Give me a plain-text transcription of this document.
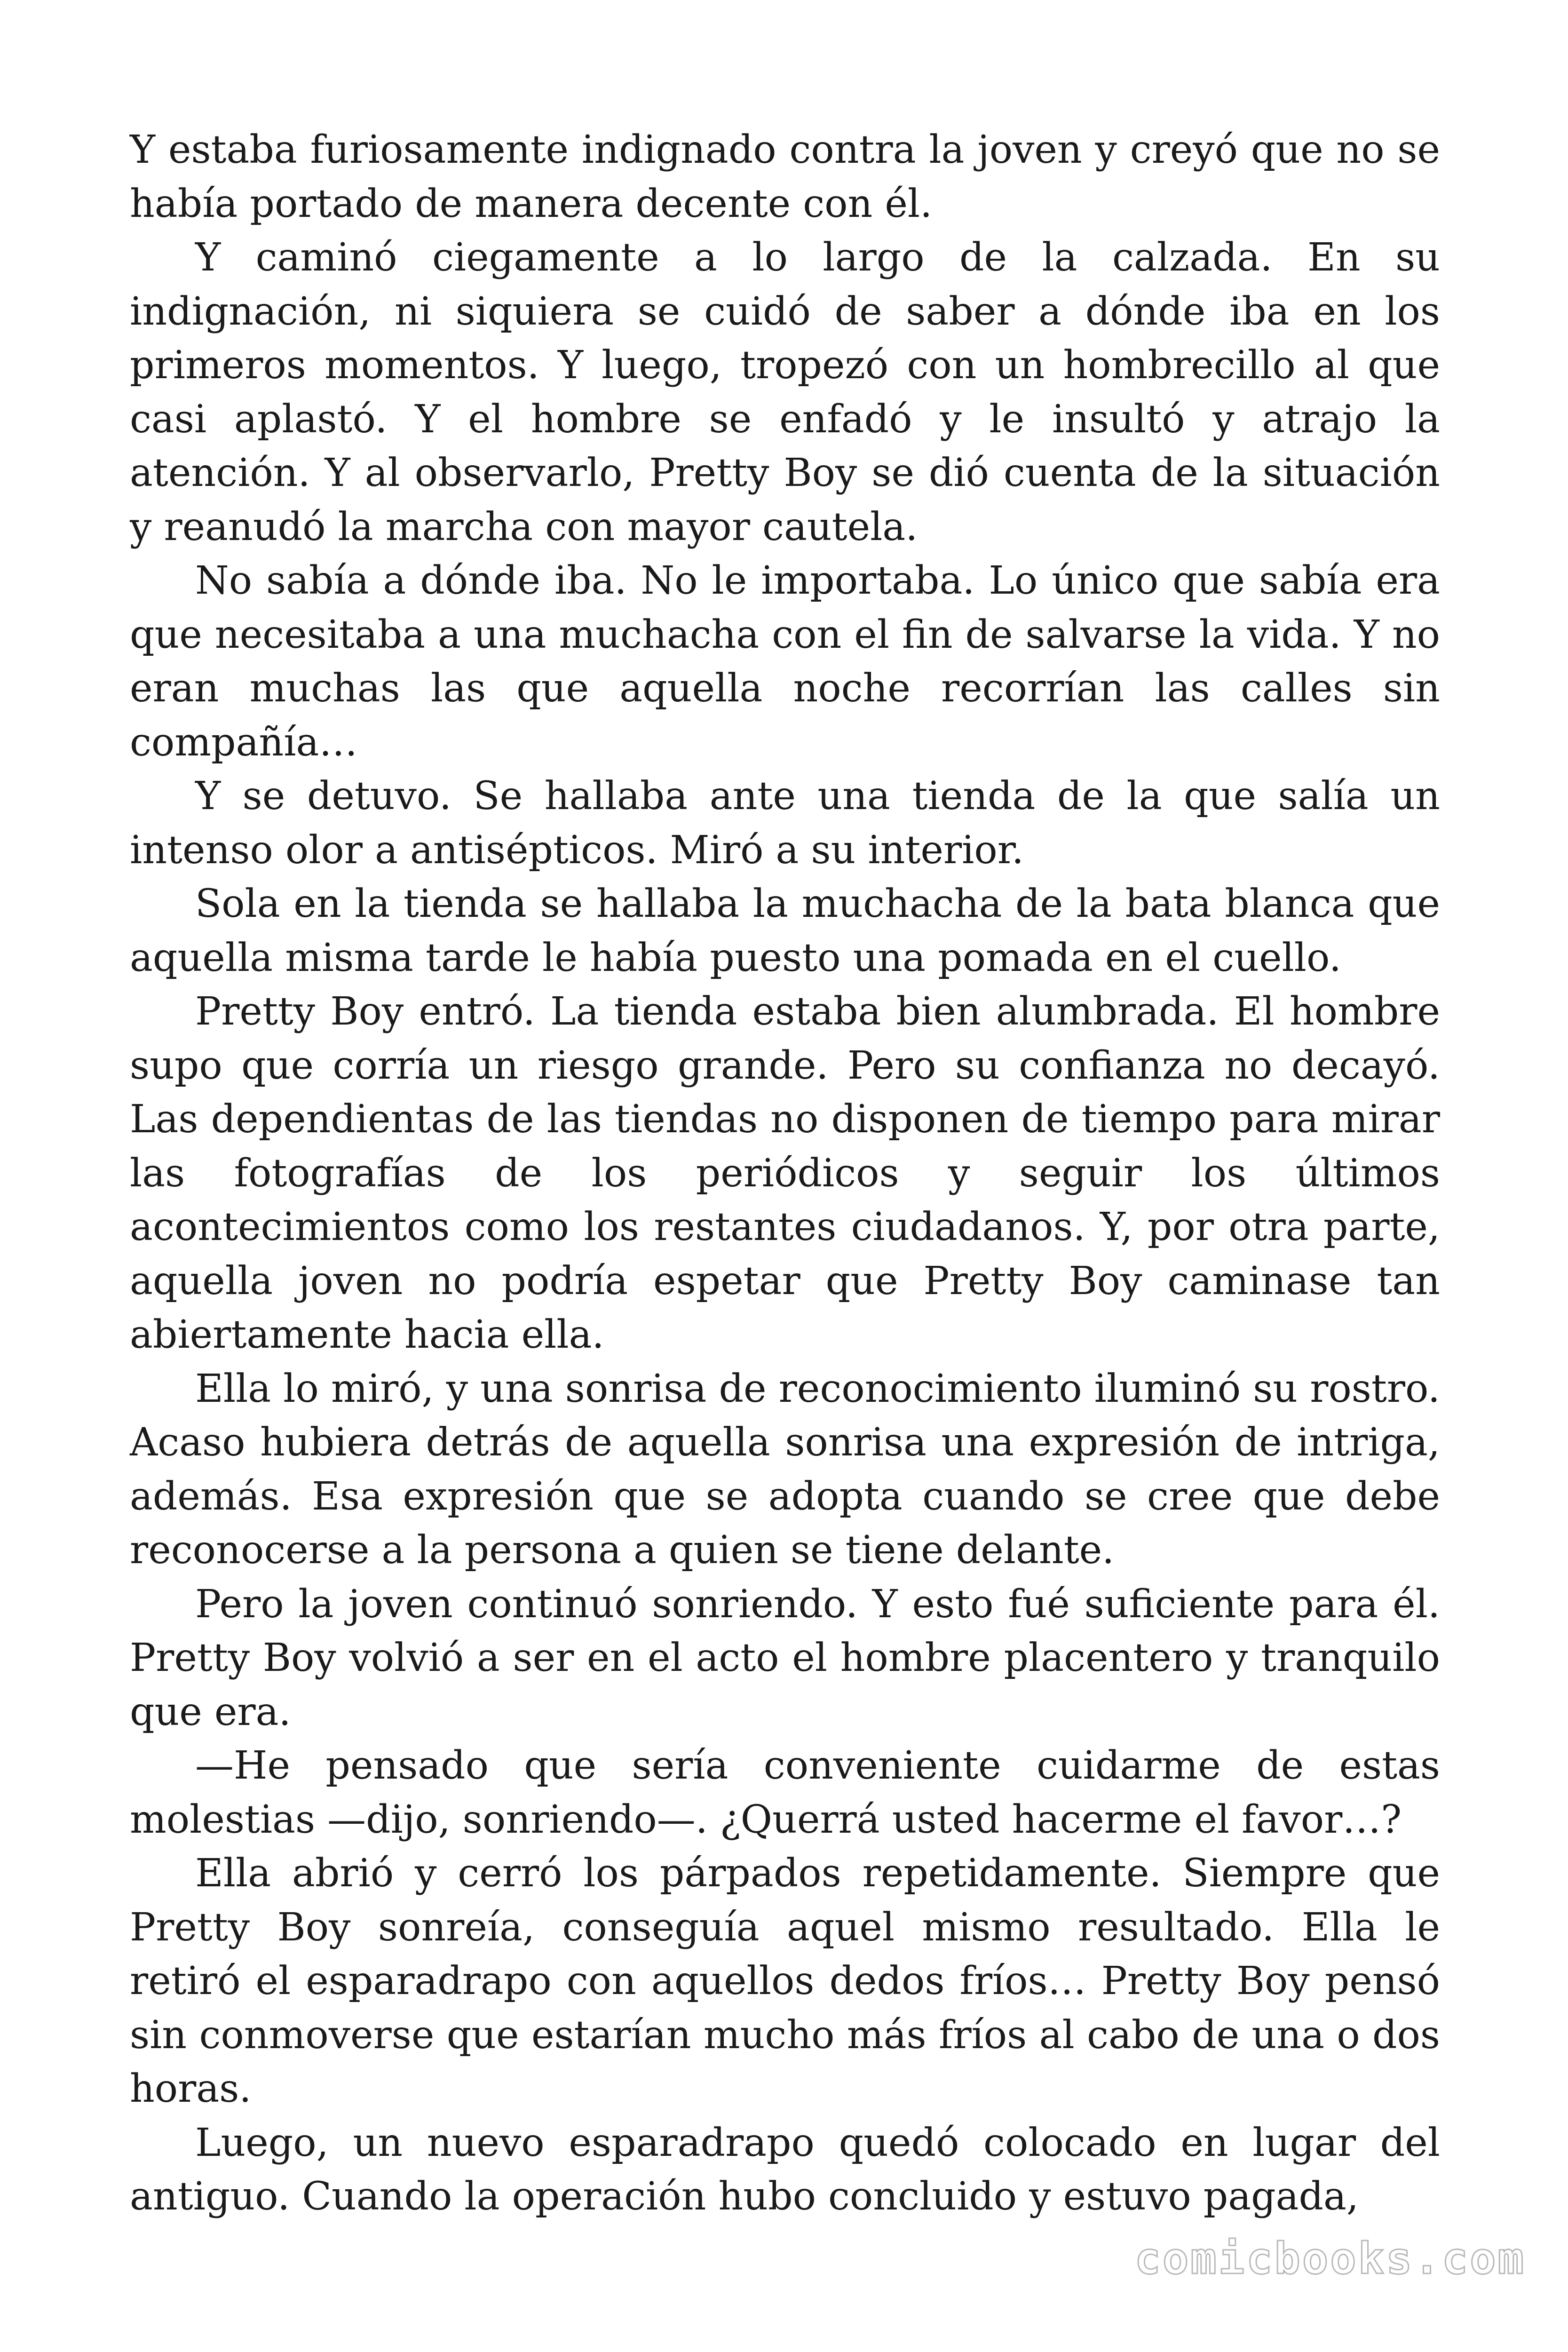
Y estaba furiosamente indignado contra la joven y creyó que no se había portado de manera decente con él.

Y caminó ciegamente a lo largo de la calzada. En su indignación, ni siquiera se cuidó de saber a dónde iba en los primeros momentos. Y luego, tropezó con un hombrecillo al que casi aplastó. Y el hombre se enfadó y le insultó y atrajo la atención. Y al observarlo, Pretty Boy se dió cuenta de la situación y reanudó la marcha con mayor cautela.

No sabía a dónde iba. No le importaba. Lo único que sabía era que necesitaba a una muchacha con el fin de salvarse la vida. Y no eran muchas las que aquella noche recorrían las calles sin compañía…

Y se detuvo. Se hallaba ante una tienda de la que salía un intenso olor a antisépticos. Miró a su interior.

Sola en la tienda se hallaba la muchacha de la bata blanca que aquella misma tarde le había puesto una pomada en el cuello.

Pretty Boy entró. La tienda estaba bien alumbrada. El hombre supo que corría un riesgo grande. Pero su confianza no decayó. Las dependientas de las tiendas no disponen de tiempo para mirar las fotografías de los periódicos y seguir los últimos acontecimientos como los restantes ciudadanos. Y, por otra parte, aquella joven no podría espetar que Pretty Boy caminase tan abiertamente hacia ella.

Ella lo miró, y una sonrisa de reconocimiento iluminó su rostro. Acaso hubiera detrás de aquella sonrisa una expresión de intriga, además. Esa expresión que se adopta cuando se cree que debe reconocerse a la persona a quien se tiene delante.

Pero la joven continuó sonriendo. Y esto fué suficiente para él. Pretty Boy volvió a ser en el acto el hombre placentero y tranquilo que era.

—He pensado que sería conveniente cuidarme de estas molestias —dijo, sonriendo—. ¿Querrá usted hacerme el favor…?

Ella abrió y cerró los párpados repetidamente. Siempre que Pretty Boy sonreía, conseguía aquel mismo resultado. Ella le retiró el esparadrapo con aquellos dedos fríos… Pretty Boy pensó sin conmoverse que estarían mucho más fríos al cabo de una o dos horas.

Luego, un nuevo esparadrapo quedó colocado en lugar del antiguo. Cuando la operación hubo concluido y estuvo pagada,

comicbooks.com
